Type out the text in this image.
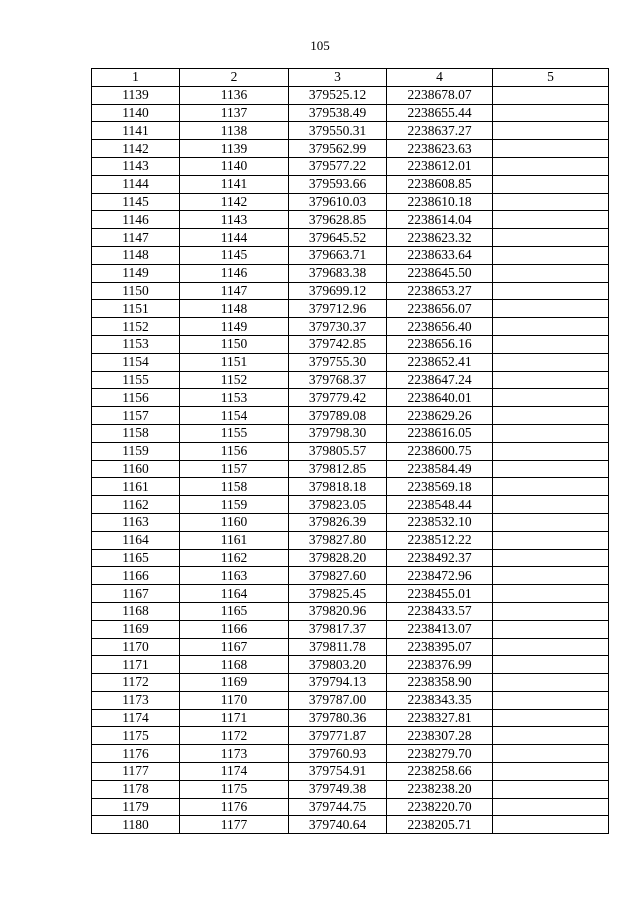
105
1	2	3	4	5
1139	1136	379525.12	2238678.07	
1140	1137	379538.49	2238655.44	
1141	1138	379550.31	2238637.27	
1142	1139	379562.99	2238623.63	
1143	1140	379577.22	2238612.01	
1144	1141	379593.66	2238608.85	
1145	1142	379610.03	2238610.18	
1146	1143	379628.85	2238614.04	
1147	1144	379645.52	2238623.32	
1148	1145	379663.71	2238633.64	
1149	1146	379683.38	2238645.50	
1150	1147	379699.12	2238653.27	
1151	1148	379712.96	2238656.07	
1152	1149	379730.37	2238656.40	
1153	1150	379742.85	2238656.16	
1154	1151	379755.30	2238652.41	
1155	1152	379768.37	2238647.24	
1156	1153	379779.42	2238640.01	
1157	1154	379789.08	2238629.26	
1158	1155	379798.30	2238616.05	
1159	1156	379805.57	2238600.75	
1160	1157	379812.85	2238584.49	
1161	1158	379818.18	2238569.18	
1162	1159	379823.05	2238548.44	
1163	1160	379826.39	2238532.10	
1164	1161	379827.80	2238512.22	
1165	1162	379828.20	2238492.37	
1166	1163	379827.60	2238472.96	
1167	1164	379825.45	2238455.01	
1168	1165	379820.96	2238433.57	
1169	1166	379817.37	2238413.07	
1170	1167	379811.78	2238395.07	
1171	1168	379803.20	2238376.99	
1172	1169	379794.13	2238358.90	
1173	1170	379787.00	2238343.35	
1174	1171	379780.36	2238327.81	
1175	1172	379771.87	2238307.28	
1176	1173	379760.93	2238279.70	
1177	1174	379754.91	2238258.66	
1178	1175	379749.38	2238238.20	
1179	1176	379744.75	2238220.70	
1180	1177	379740.64	2238205.71	
